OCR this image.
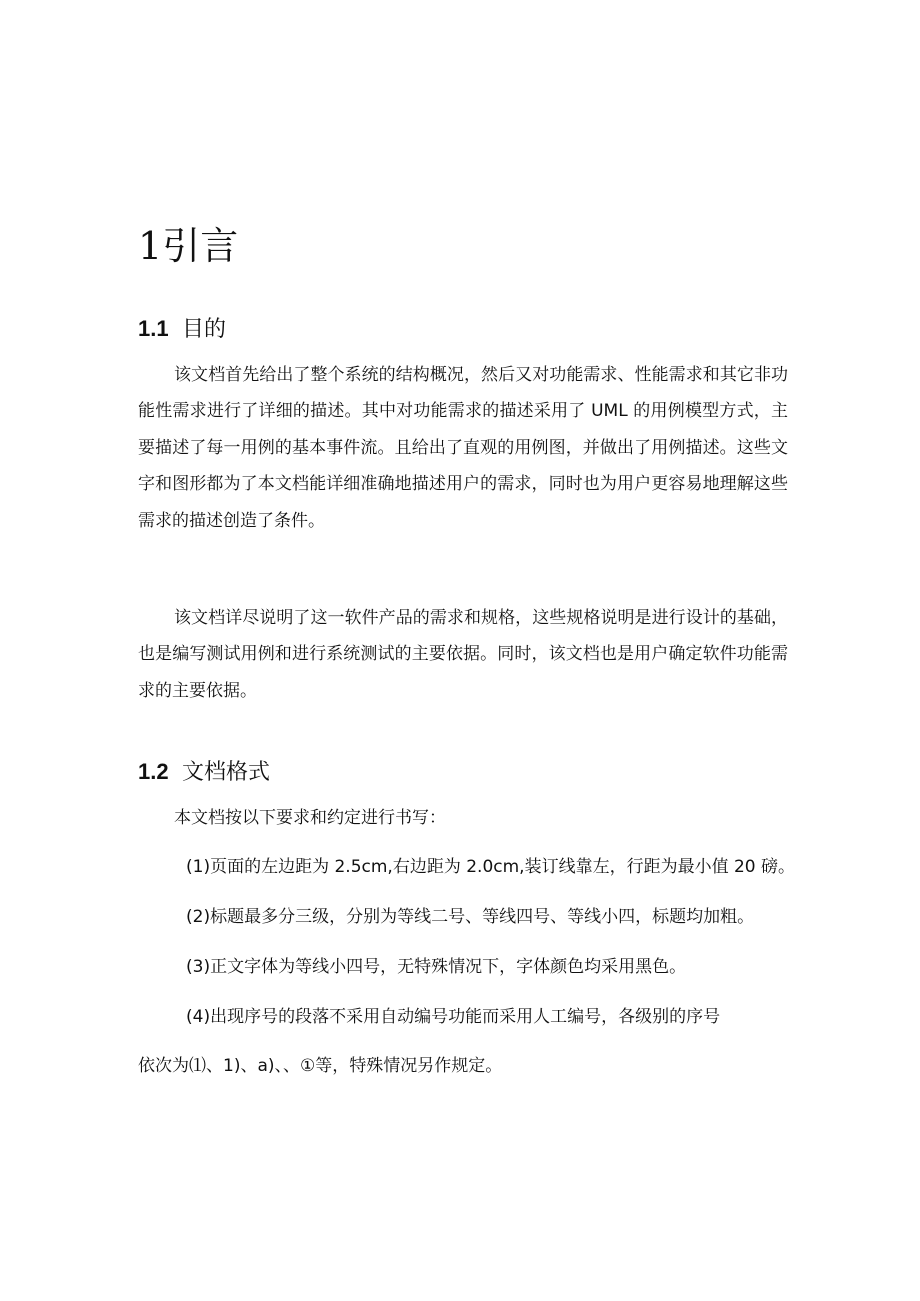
1引言
1.1 目的

该文档首先给出了整个系统的结构概况，然后又对功能需求、性能需求和其它非功能性需求进行了详细的描述。其中对功能需求的描述采用了 UML 的用例模型方式，主要描述了每一用例的基本事件流。且给出了直观的用例图，并做出了用例描述。这些文字和图形都为了本文档能详细准确地描述用户的需求，同时也为用户更容易地理解这些需求的描述创造了条件。

该文档详尽说明了这一软件产品的需求和规格，这些规格说明是进行设计的基础，也是编写测试用例和进行系统测试的主要依据。同时，该文档也是用户确定软件功能需求的主要依据。

1.2 文档格式

本文档按以下要求和约定进行书写：

(1)页面的左边距为 2.5cm,右边距为 2.0cm,装订线靠左，行距为最小值 20 磅。

(2)标题最多分三级，分别为等线二号、等线四号、等线小四，标题均加粗。

(3)正文字体为等线小四号，无特殊情况下，字体颜色均采用黑色。

(4)出现序号的段落不采用自动编号功能而采用人工编号，各级别的序号

依次为⑴、1)、a)、、①等，特殊情况另作规定。
